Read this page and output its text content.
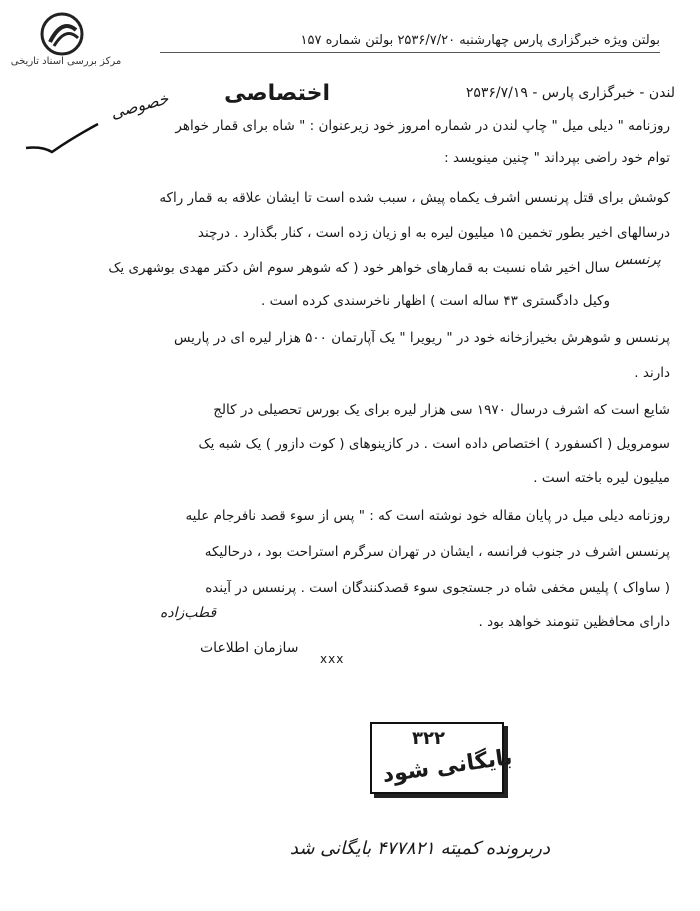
مرکز بررسی اسناد تاریخی
بولتن ویژه خبرگزاری پارس چهارشنبه ۲۵۳۶/۷/۲۰ بولتن شماره ۱۵۷
اختصاصی
خصوصی	لندن - خبرگزاری پارس - ۲۵۳۶/۷/۱۹
روزنامه " دیلی میل " چاپ لندن در شماره امروز خود زیرعنوان : " شاه برای قمار خواهر
توام خود راضی بپرداند " چنین مینویسد :
کوشش برای قتل پرنسس اشرف یکماه پیش ، سبب شده است تا ایشان علاقه به قمار راکه
درسالهای اخیر بطور تخمین ۱۵ میلیون لیره به او زیان زده است ، کنار بگذارد . درچند
سال اخیر شاه نسبت به قمارهای خواهر خود ( که شوهر سوم اش دکتر مهدی بوشهری یک
وکیل دادگستری ۴۳ ساله است ) اظهار ناخرسندی کرده است .
پرنسس
پرنسس و شوهرش بخیرازخانه خود در " ریویرا " یک آپارتمان ۵۰۰ هزار لیره ای در پاریس
دارند .
شایع است که اشرف درسال ۱۹۷۰ سی هزار لیره برای یک بورس تحصیلی در کالج
سومرویل ( اکسفورد ) اختصاص داده است . در کازینوهای ( کوت دازور ) یک شبه یک
میلیون لیره باخته است .
روزنامه دیلی میل در پایان مقاله خود نوشته است که : " پس از سوء قصد نافرجام علیه
پرنسس اشرف در جنوب فرانسه ، ایشان در تهران سرگرم استراحت بود ، درحالیکه
( ساواک ) پلیس مخفی شاه در جستجوی سوء قصدکنندگان است . پرنسس در آینده
دارای محافظین تنومند خواهد بود .
قطب‌زاده
سازمان اطلاعات
xxx
۳۲۲
بایگانی شود
دربرونده کمیته ۴۷۷۸۲۱ بایگانی شد
